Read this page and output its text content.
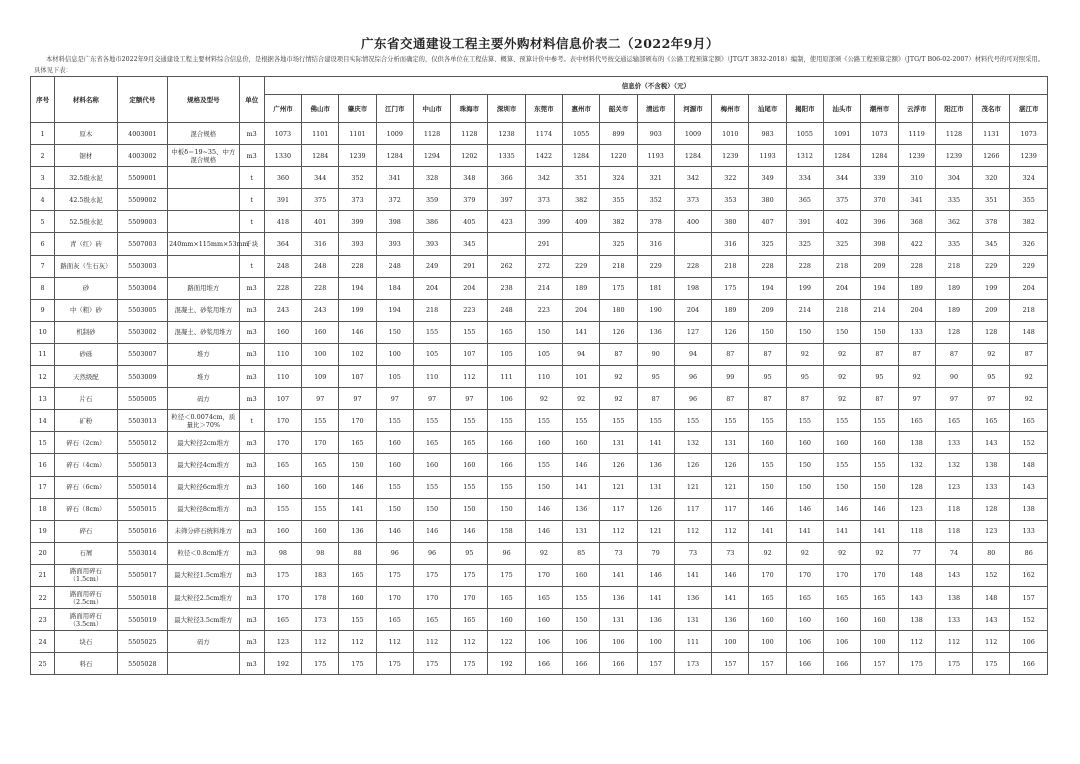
广东省交通建设工程主要外购材料信息价表二（2022年9月）
本材料信息是广东省各地市2022年9月交通建设工程主要材料综合信息价，是根据各地市场行情结合建设项目实际情况综合分析而确定的，仅供各单位在工程估算、概算、预算计价中参考。表中材料代号按交通运输部颁布的《公路工程预算定额》（JTG/T 3832-2018）编制，使用原部颁《公路工程预算定额》（JTG/T B06-02-2007）材料代号的可对照采用。具体见下表：
序号	材料名称	定额代号	规格及型号	单位	信息价（不含税）（元）																				
					广州市	佛山市	肇庆市	江门市	中山市	珠海市	深圳市	东莞市	惠州市	韶关市	清远市	河源市	梅州市	汕尾市	揭阳市	汕头市	潮州市	云浮市	阳江市	茂名市	湛江市
1	原木	4003001	混合规格	m3	1073	1101	1101	1009	1128	1128	1238	1174	1055	899	903	1009	1010	983	1055	1091	1073	1119	1128	1131	1073
2	锯材	4003002	中板δ＝19~35、中方混合规格	m3	1330	1284	1239	1284	1294	1202	1335	1422	1284	1220	1193	1284	1239	1193	1312	1284	1284	1239	1239	1266	1239
3	32.5级水泥	5509001		t	360	344	352	341	328	348	366	342	351	324	321	342	322	349	334	344	339	310	304	320	324
4	42.5级水泥	5509002		t	391	375	373	372	359	379	397	373	382	355	352	373	353	380	365	375	370	341	335	351	355
5	52.5级水泥	5509003		t	418	401	399	398	386	405	423	399	409	382	378	400	380	407	391	402	396	368	362	378	382
6	青（红）砖	5507003	240mm×115mm×53mm	千块	364	316	393	393	393	345		291		325	316		316	325	325	325	398	422	335	345	326
7	路面灰（生石灰）	5503003		t	248	248	228	248	249	291	262	272	229	218	229	228	218	228	228	218	209	228	218	229	229
8	砂	5503004	路面用堆方	m3	228	228	194	184	204	204	238	214	189	175	181	198	175	194	199	204	194	189	189	199	204
9	中（粗）砂	5503005	混凝土、砂浆用堆方	m3	243	243	199	194	218	223	248	223	204	180	190	204	189	209	214	218	214	204	189	209	218
10	机制砂	5503002	混凝土、砂浆用堆方	m3	160	160	146	150	155	155	165	150	141	126	136	127	126	150	150	150	150	133	128	128	148
11	砂砾	5503007	堆方	m3	110	100	102	100	105	107	105	105	94	87	90	94	87	87	92	92	87	87	87	92	87
12	天然级配	5503009	堆方	m3	110	109	107	105	110	112	111	110	101	92	95	96	99	95	95	92	95	92	90	95	92
13	片石	5505005	码方	m3	107	97	97	97	97	97	106	92	92	92	87	96	87	87	87	92	87	97	97	97	92
14	矿粉	5503013	粒径＜0.0074cm，质量比＞70%	t	170	155	170	155	155	155	155	155	155	155	155	155	155	155	155	155	155	165	165	165	165
15	碎石（2cm）	5505012	最大粒径2cm堆方	m3	170	170	165	160	165	165	166	160	160	131	141	132	131	160	160	160	160	138	133	143	152
16	碎石（4cm）	5505013	最大粒径4cm堆方	m3	165	165	150	160	160	160	166	155	146	126	136	126	126	155	150	155	155	132	132	138	148
17	碎石（6cm）	5505014	最大粒径6cm堆方	m3	160	160	146	155	155	155	155	150	141	121	131	121	121	150	150	150	150	128	123	133	143
18	碎石（8cm）	5505015	最大粒径8cm堆方	m3	155	155	141	150	150	150	150	146	136	117	126	117	117	146	146	146	146	123	118	128	138
19	碎石	5505016	未筛分碎石统料堆方	m3	160	160	136	146	146	146	158	146	131	112	121	112	112	141	141	141	141	118	118	123	133
20	石屑	5503014	粒径＜0.8cm堆方	m3	98	98	88	96	96	95	96	92	85	73	79	73	73	92	92	92	92	77	74	80	86
21	路面用碎石（1.5cm）	5505017	最大粒径1.5cm堆方	m3	175	183	165	175	175	175	175	170	160	141	146	141	146	170	170	170	170	148	143	152	162
22	路面用碎石（2.5cm）	5505018	最大粒径2.5cm堆方	m3	170	178	160	170	170	170	165	165	155	136	141	136	141	165	165	165	165	143	138	148	157
23	路面用碎石（3.5cm）	5505019	最大粒径3.5cm堆方	m3	165	173	155	165	165	165	160	160	150	131	136	131	136	160	160	160	160	138	133	143	152
24	块石	5505025	码方	m3	123	112	112	112	112	112	122	106	106	106	100	111	100	100	106	106	100	112	112	112	106
25	料石	5505028		m3	192	175	175	175	175	175	192	166	166	166	157	173	157	157	166	166	157	175	175	175	166
